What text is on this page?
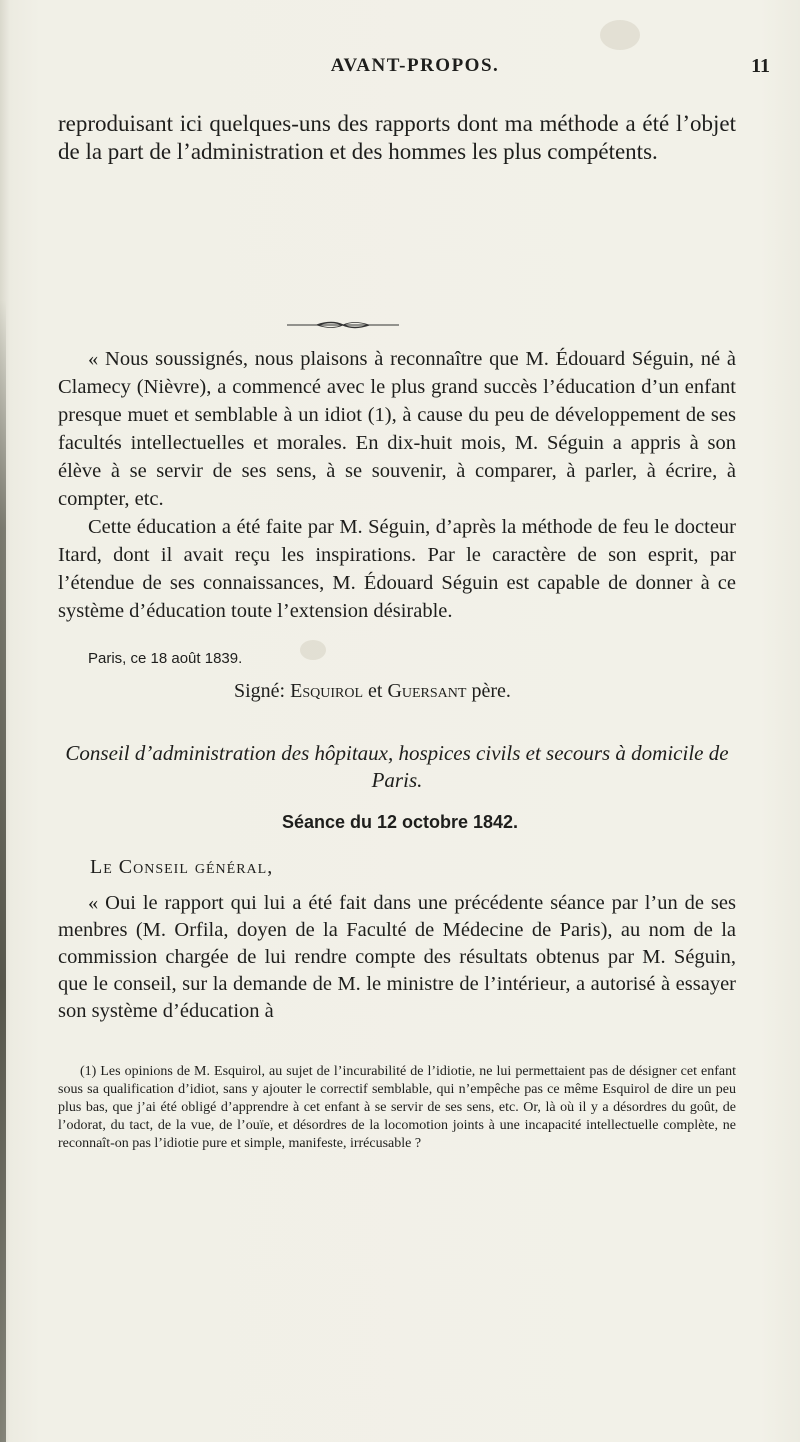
AVANT-PROPOS.	11
reproduisant ici quelques-uns des rapports dont ma méthode a été l’objet de la part de l’administration et des hommes les plus compétents.

« Nous soussignés, nous plaisons à reconnaître que M. Édouard Séguin, né à Clamecy (Nièvre), a commencé avec le plus grand succès l’éducation d’un enfant presque muet et semblable à un idiot (1), à cause du peu de développement de ses facultés intellectuelles et morales. En dix-huit mois, M. Séguin a appris à son élève à se servir de ses sens, à se souvenir, à comparer, à parler, à écrire, à compter, etc.

Cette éducation a été faite par M. Séguin, d’après la méthode de feu le docteur Itard, dont il avait reçu les inspirations. Par le caractère de son esprit, par l’étendue de ses connaissances, M. Édouard Séguin est capable de donner à ce système d’éducation toute l’extension désirable.

Paris, ce 18 août 1839.
Signé: Esquirol et Guersant père.
Conseil d’administration des hôpitaux, hospices civils et secours à domicile de Paris.
Séance du 12 octobre 1842.
Le Conseil général,

« Oui le rapport qui lui a été fait dans une précédente séance par l’un de ses menbres (M. Orfila, doyen de la Faculté de Médecine de Paris), au nom de la commission chargée de lui rendre compte des résultats obtenus par M. Séguin, que le conseil, sur la demande de M. le ministre de l’intérieur, a autorisé à essayer son système d’éducation à

(1) Les opinions de M. Esquirol, au sujet de l’incurabilité de l’idiotie, ne lui permettaient pas de désigner cet enfant sous sa qualification d’idiot, sans y ajouter le correctif semblable, qui n’empêche pas ce même Esquirol de dire un peu plus bas, que j’ai été obligé d’apprendre à cet enfant à se servir de ses sens, etc. Or, là où il y a désordres du goût, de l’odorat, du tact, de la vue, de l’ouïe, et désordres de la locomotion joints à une incapacité intellectuelle complète, ne reconnaît-on pas l’idiotie pure et simple, manifeste, irrécusable ?
